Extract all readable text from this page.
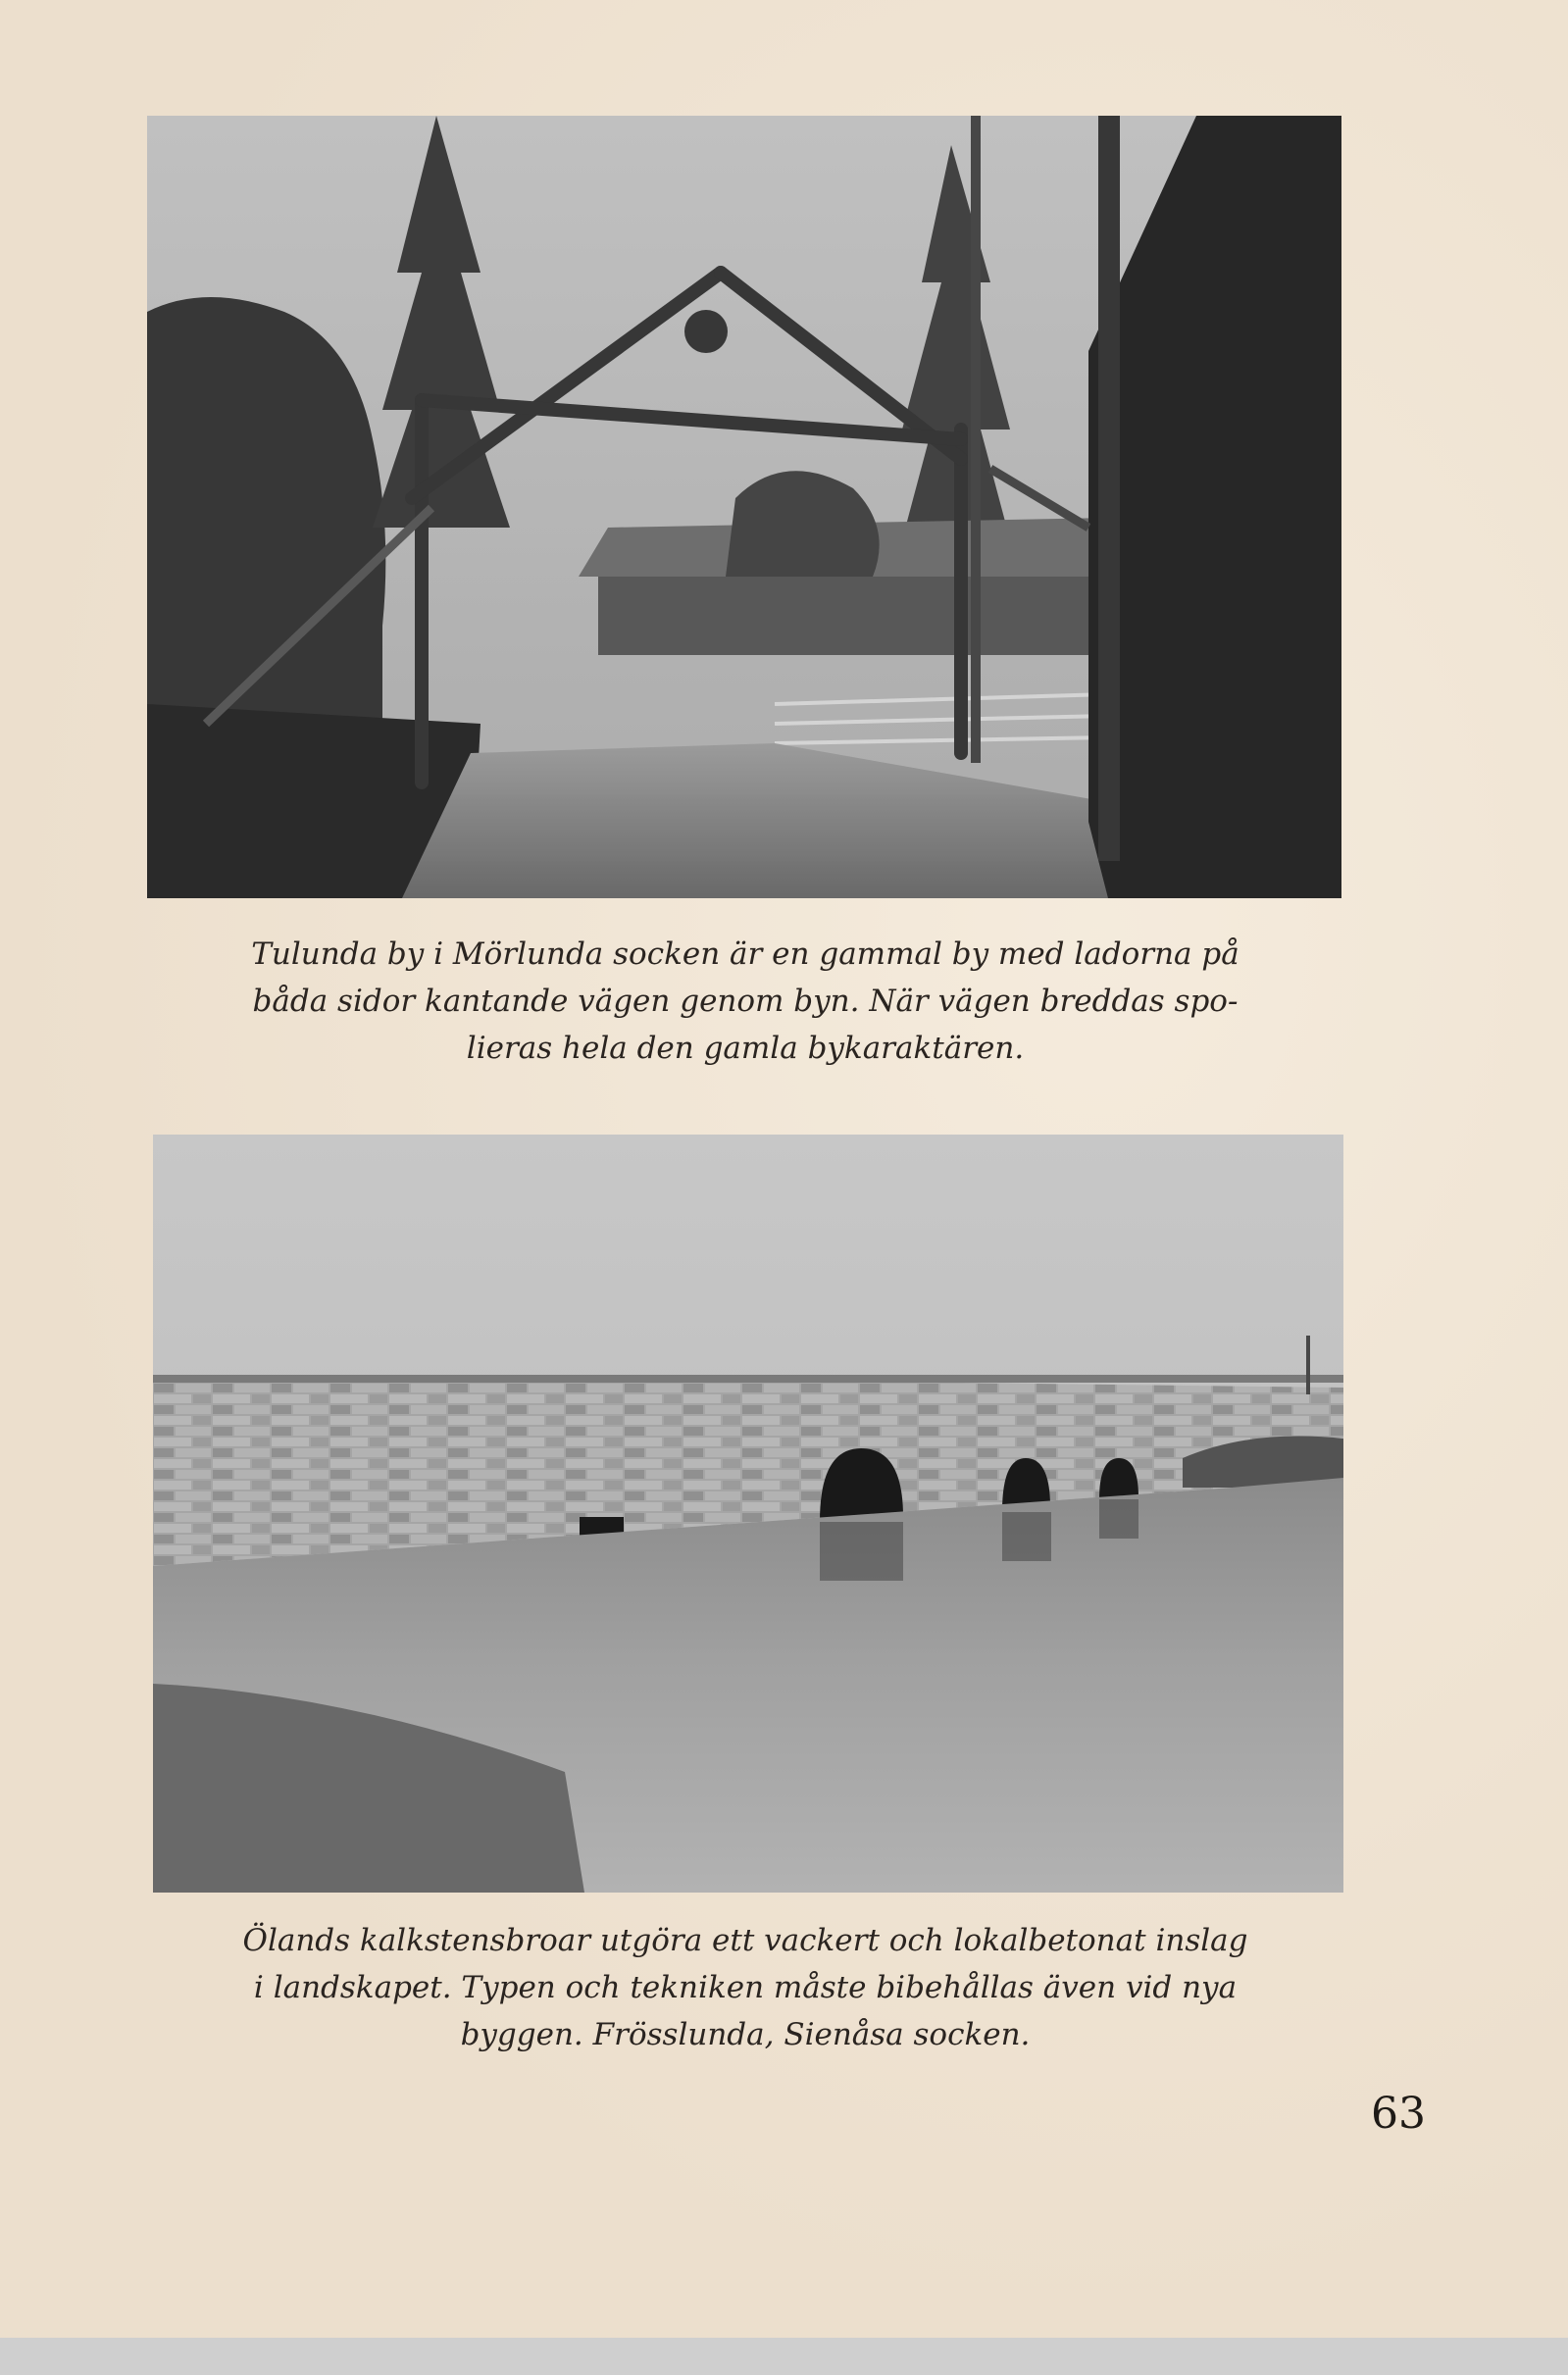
Tulunda by i Mörlunda socken är en gammal by med ladorna på
båda sidor kantande vägen genom byn. När vägen breddas spo-
lieras hela den gamla bykaraktären.

Ölands kalkstensbroar utgöra ett vackert och lokalbetonat inslag
i landskapet. Typen och tekniken måste bibehållas även vid nya
byggen. Frösslunda, Sienåsa socken.

63
